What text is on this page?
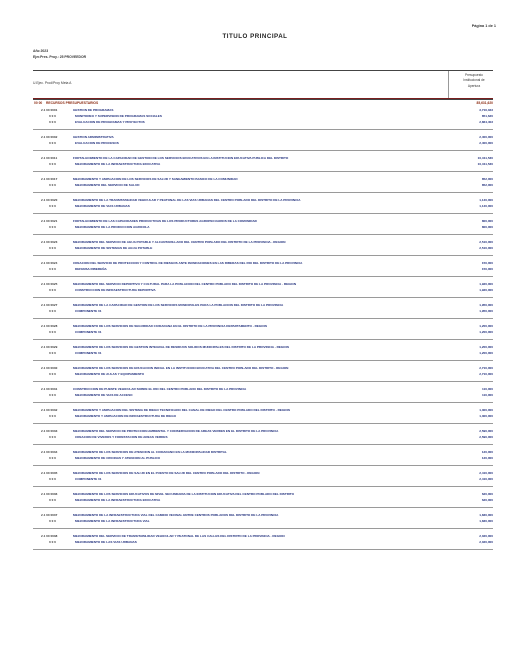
Página 1 de 1
TITULO PRINCIPAL
Año 2023
Ejer.Pres. Proy.: 25 PROVEEDOR
U.Ejec. Prod/Proy Meta A
Presupuesto
Institucional de
Apertura
00 00 RECURSOS PRESUPUESTARIOS	85,631,620
2.1 00 0001	GESTION DE PROGRAMAS	3,716,023
0 0 0	MONITOREO Y SUPERVISION DE PROGRAMAS SOCIALES	851,620
0 0 0	EVALUACION DE PROGRAMAS Y PROYECTOS	2,864,403
2.1 00 0002	GESTION ADMINISTRATIVA	2,400,000
0 0 0	EVALUACION DE PROCESOS	2,400,000
2.1 00 0011	FORTALECIMIENTO DE LA CAPACIDAD DE GESTION DE LOS SERVICIOS EDUCATIVOS EN LA INSTITUCION EDUCATIVA PUBLICA DEL DISTRITO	10,311,530
0 0 0	MEJORAMIENTO DE LA INFRAESTRUCTURA EDUCATIVA	10,311,530
2.1 00 0017	MEJORAMIENTO Y AMPLIACION DE LOS SERVICIOS DE SALUD Y SANEAMIENTO BASICO DE LA COMUNIDAD	852,000
0 0 0	MEJORAMIENTO DEL SERVICIO DE SALUD	852,000
2.1 00 0020	MEJORAMIENTO DE LA TRANSITABILIDAD VEHICULAR Y PEATONAL DE LAS VIAS URBANAS DEL CENTRO POBLADO DEL DISTRITO DE LA PROVINCIA	1,140,000
0 0 0	MEJORAMIENTO DE VIAS URBANAS	1,140,000
2.1 00 0021	FORTALECIMIENTO DE LAS CAPACIDADES PRODUCTIVAS DE LOS PRODUCTORES AGROPECUARIOS DE LA COMUNIDAD	800,000
0 0 0	MEJORAMIENTO DE LA PRODUCCION AGRICOLA	800,000
2.1 00 0023	MEJORAMIENTO DEL SERVICIO DE AGUA POTABLE Y ALCANTARILLADO DEL CENTRO POBLADO DEL DISTRITO DE LA PROVINCIA - REGION	2,510,000
0 0 0	MEJORAMIENTO DE SISTEMAS DE AGUA POTABLE	2,510,000
2.1 00 0024	CREACION DEL SERVICIO DE PROTECCION Y CONTROL DE RIESGOS ANTE INUNDACIONES EN LAS RIBERAS DEL RIO DEL DISTRITO DE LA PROVINCIA	150,000
0 0 0	DEFENSA RIBEREÑA	150,000
2.1 00 0025	MEJORAMIENTO DEL SERVICIO DEPORTIVO Y CULTURAL PARA LA POBLACION DEL CENTRO POBLADO DEL DISTRITO DE LA PROVINCIA - REGION	1,920,000
0 0 0	CONSTRUCCION DE INFRAESTRUCTURA DEPORTIVA	1,920,000
2.1 00 0027	MEJORAMIENTO DE LA CAPACIDAD DE GESTION DE LOS SERVICIOS MUNICIPALES PARA LA POBLACION DEL DISTRITO DE LA PROVINCIA	1,950,000
0 0 0	COMPONENTE 01	1,950,000
2.1 00 0028	MEJORAMIENTO DE LOS SERVICIOS DE SEGURIDAD CIUDADANA EN EL DISTRITO DE LA PROVINCIA DEPARTAMENTO - REGION	1,200,000
0 0 0	COMPONENTE 01	1,200,000
2.1 00 0029	MEJORAMIENTO DE LOS SERVICIOS DE GESTION INTEGRAL DE RESIDUOS SOLIDOS MUNICIPALES DEL DISTRITO DE LA PROVINCIA - REGION	1,200,000
0 0 0	COMPONENTE 01	1,200,000
2.1 00 0030	MEJORAMIENTO DE LOS SERVICIOS DE EDUCACION INICIAL EN LA INSTITUCION EDUCATIVA DEL CENTRO POBLADO DEL DISTRITO - REGION	2,710,000
0 0 0	MEJORAMIENTO DE AULAS Y EQUIPAMIENTO	2,710,000
2.1 00 0031	CONSTRUCCION DE PUENTE VEHICULAR SOBRE EL RIO DEL CENTRO POBLADO DEL DISTRITO DE LA PROVINCIA	110,000
0 0 0	MEJORAMIENTO DE VIAS DE ACCESO	110,000
2.1 00 0032	MEJORAMIENTO Y AMPLIACION DEL SISTEMA DE RIEGO TECNIFICADO DEL CANAL DE RIEGO DEL CENTRO POBLADO DEL DISTRITO - REGION	1,300,000
0 0 0	MEJORAMIENTO Y AMPLIACION DE INFRAESTRUCTURA DE RIEGO	1,300,000
2.1 00 0033	MEJORAMIENTO DEL SERVICIO DE PROTECCION AMBIENTAL Y CONSERVACION DE AREAS VERDES EN EL DISTRITO DE LA PROVINCIA	2,590,000
0 0 0	CREACION DE VIVEROS Y FORESTACION DE AREAS VERDES	2,590,000
2.1 00 0034	MEJORAMIENTO DE LOS SERVICIOS DE ATENCION AL CIUDADANO EN LA MUNICIPALIDAD DISTRITAL	120,000
0 0 0	MEJORAMIENTO DE OFICINAS Y ATENCION AL PUBLICO	120,000
2.1 00 0035	MEJORAMIENTO DE LOS SERVICIOS DE SALUD EN EL PUESTO DE SALUD DEL CENTRO POBLADO DEL DISTRITO - REGION	2,410,000
0 0 0	COMPONENTE 01	2,410,000
2.1 00 0036	MEJORAMIENTO DE LOS SERVICIOS EDUCATIVOS DE NIVEL SECUNDARIA DE LA INSTITUCION EDUCATIVA DEL CENTRO POBLADO DEL DISTRITO	620,000
0 0 0	MEJORAMIENTO DE LA INFRAESTRUCTURA EDUCATIVA	620,000
2.1 00 0037	MEJORAMIENTO DE LA INFRAESTRUCTURA VIAL DEL CAMINO VECINAL ENTRE CENTROS POBLADOS DEL DISTRITO DE LA PROVINCIA	1,830,000
0 0 0	MEJORAMIENTO DE LA INFRAESTRUCTURA VIAL	1,830,000
2.1 00 0038	MEJORAMIENTO DEL SERVICIO DE TRANSITABILIDAD VEHICULAR Y PEATONAL DE LAS CALLES DEL DISTRITO DE LA PROVINCIA - REGION	2,020,000
0 0 0	MEJORAMIENTO DE LAS VIAS URBANAS	2,020,000
